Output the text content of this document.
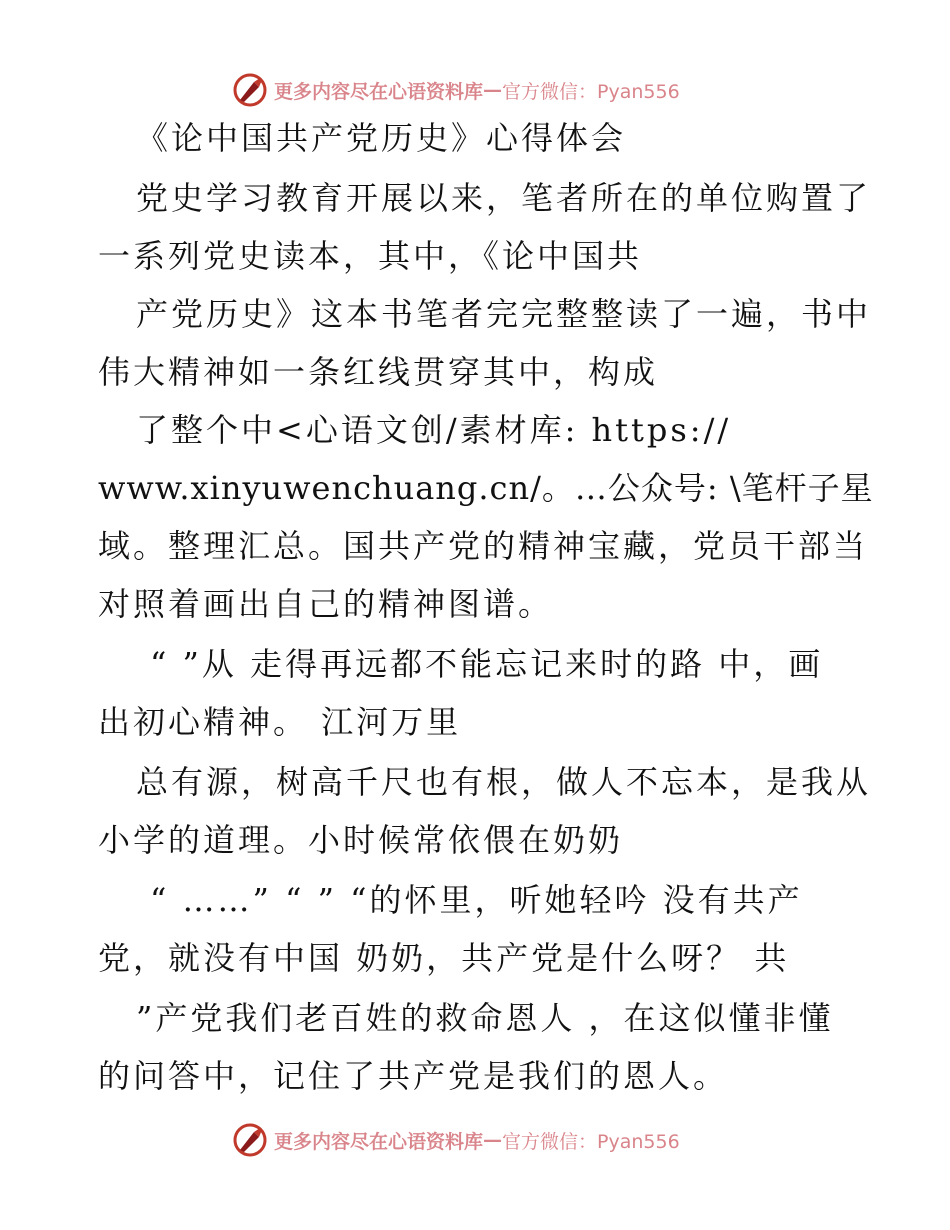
更多内容尽在心语资料库 — 官方微信：Pyan556
《论中国共产党历史》心得体会
党史学习教育开展以来，笔者所在的单位购置了
一系列党史读本，其中，《论中国共
产党历史》这本书笔者完完整整读了一遍，书中
伟大精神如一条红线贯穿其中，构成
了整个中<心语文创/素材库: https://
www.xinyuwenchuang.cn/。…公众号: \笔杆子星
域。整理汇总。国共产党的精神宝藏，党员干部当
对照着画出自己的精神图谱。
“ ”从 走得再远都不能忘记来时的路 中，画
出初心精神。 江河万里
总有源，树高千尺也有根，做人不忘本，是我从
小学的道理。小时候常依偎在奶奶
“ ……” “ ” “的怀里，听她轻吟 没有共产
党，就没有中国 奶奶，共产党是什么呀？ 共
”产党我们老百姓的救命恩人 ，在这似懂非懂
的问答中，记住了共产党是我们的恩人。
更多内容尽在心语资料库 — 官方微信：Pyan556
